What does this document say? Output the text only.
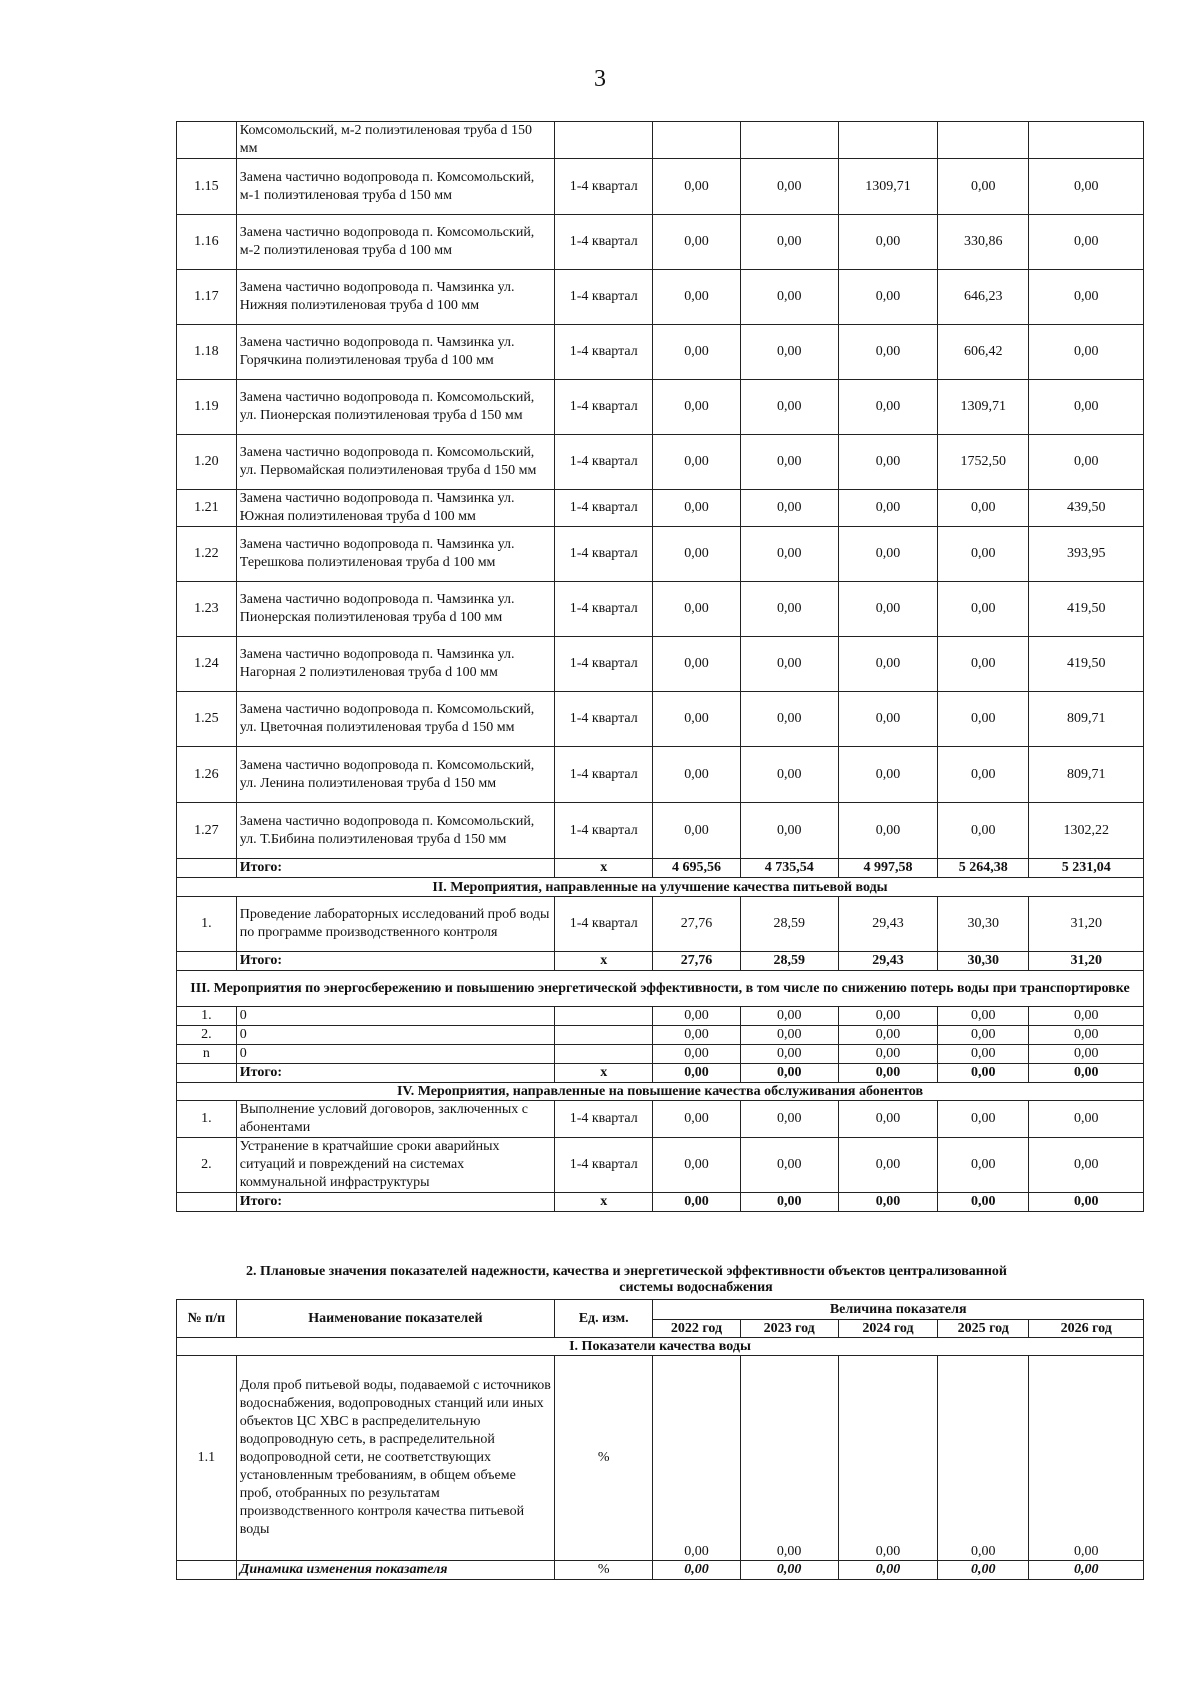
3
	Комсомольский, м-2 полиэтиленовая труба d 150 мм						
1.15	Замена частично водопровода п. Комсомольский, м-1 полиэтиленовая труба d 150 мм	1-4 квартал	0,00	0,00	1309,71	0,00	0,00
1.16	Замена частично водопровода п. Комсомольский, м-2 полиэтиленовая труба d 100 мм	1-4 квартал	0,00	0,00	0,00	330,86	0,00
1.17	Замена частично водопровода п. Чамзинка ул. Нижняя полиэтиленовая труба d 100 мм	1-4 квартал	0,00	0,00	0,00	646,23	0,00
1.18	Замена частично водопровода п. Чамзинка ул. Горячкина полиэтиленовая труба d 100 мм	1-4 квартал	0,00	0,00	0,00	606,42	0,00
1.19	Замена частично водопровода п. Комсомольский, ул. Пионерская полиэтиленовая труба d 150 мм	1-4 квартал	0,00	0,00	0,00	1309,71	0,00
1.20	Замена частично водопровода п. Комсомольский, ул. Первомайская полиэтиленовая труба d 150 мм	1-4 квартал	0,00	0,00	0,00	1752,50	0,00
1.21	Замена частично водопровода п. Чамзинка ул. Южная полиэтиленовая труба d 100 мм	1-4 квартал	0,00	0,00	0,00	0,00	439,50
1.22	Замена частично водопровода п. Чамзинка ул. Терешкова полиэтиленовая труба d 100 мм	1-4 квартал	0,00	0,00	0,00	0,00	393,95
1.23	Замена частично водопровода п. Чамзинка ул. Пионерская полиэтиленовая труба d 100 мм	1-4 квартал	0,00	0,00	0,00	0,00	419,50
1.24	Замена частично водопровода п. Чамзинка ул. Нагорная 2 полиэтиленовая труба d 100 мм	1-4 квартал	0,00	0,00	0,00	0,00	419,50
1.25	Замена частично водопровода п. Комсомольский, ул. Цветочная полиэтиленовая труба d 150 мм	1-4 квартал	0,00	0,00	0,00	0,00	809,71
1.26	Замена частично водопровода п. Комсомольский, ул. Ленина полиэтиленовая труба d 150 мм	1-4 квартал	0,00	0,00	0,00	0,00	809,71
1.27	Замена частично водопровода п. Комсомольский, ул. Т.Бибина полиэтиленовая труба d 150 мм	1-4 квартал	0,00	0,00	0,00	0,00	1302,22
	Итого:	x	4 695,56	4 735,54	4 997,58	5 264,38	5 231,04
II. Мероприятия, направленные на улучшение качества питьевой воды							
1.	Проведение лабораторных исследований проб воды по программе производственного контроля	1-4 квартал	27,76	28,59	29,43	30,30	31,20
	Итого:	x	27,76	28,59	29,43	30,30	31,20
III. Мероприятия по энергосбережению и повышению энергетической эффективности, в том числе по снижению потерь воды при транспортировке							
1.	0		0,00	0,00	0,00	0,00	0,00
2.	0		0,00	0,00	0,00	0,00	0,00
n	0		0,00	0,00	0,00	0,00	0,00
	Итого:	x	0,00	0,00	0,00	0,00	0,00
IV. Мероприятия, направленные на повышение качества обслуживания абонентов							
1.	Выполнение условий договоров, заключенных с абонентами	1-4 квартал	0,00	0,00	0,00	0,00	0,00
2.	Устранение в кратчайшие сроки аварийных ситуаций и повреждений на системах коммунальной инфраструктуры	1-4 квартал	0,00	0,00	0,00	0,00	0,00
	Итого:	x	0,00	0,00	0,00	0,00	0,00
2. Плановые значения показателей надежности, качества и энергетической эффективности объектов централизованной
системы водоснабжения
№ п/п	Наименование показателей	Ед. изм.	Величина показателя				
			2022 год	2023 год	2024 год	2025 год	2026 год
I. Показатели качества воды							
1.1	Доля проб питьевой воды, подаваемой с источников водоснабжения, водопроводных станций или иных объектов ЦС ХВС в распределительную водопроводную сеть, в распределительной водопроводной сети, не соответствующих установленным требованиям, в общем объеме проб, отобранных по результатам производственного контроля качества питьевой воды	%	0,00	0,00	0,00	0,00	0,00
	Динамика изменения показателя	%	0,00	0,00	0,00	0,00	0,00
